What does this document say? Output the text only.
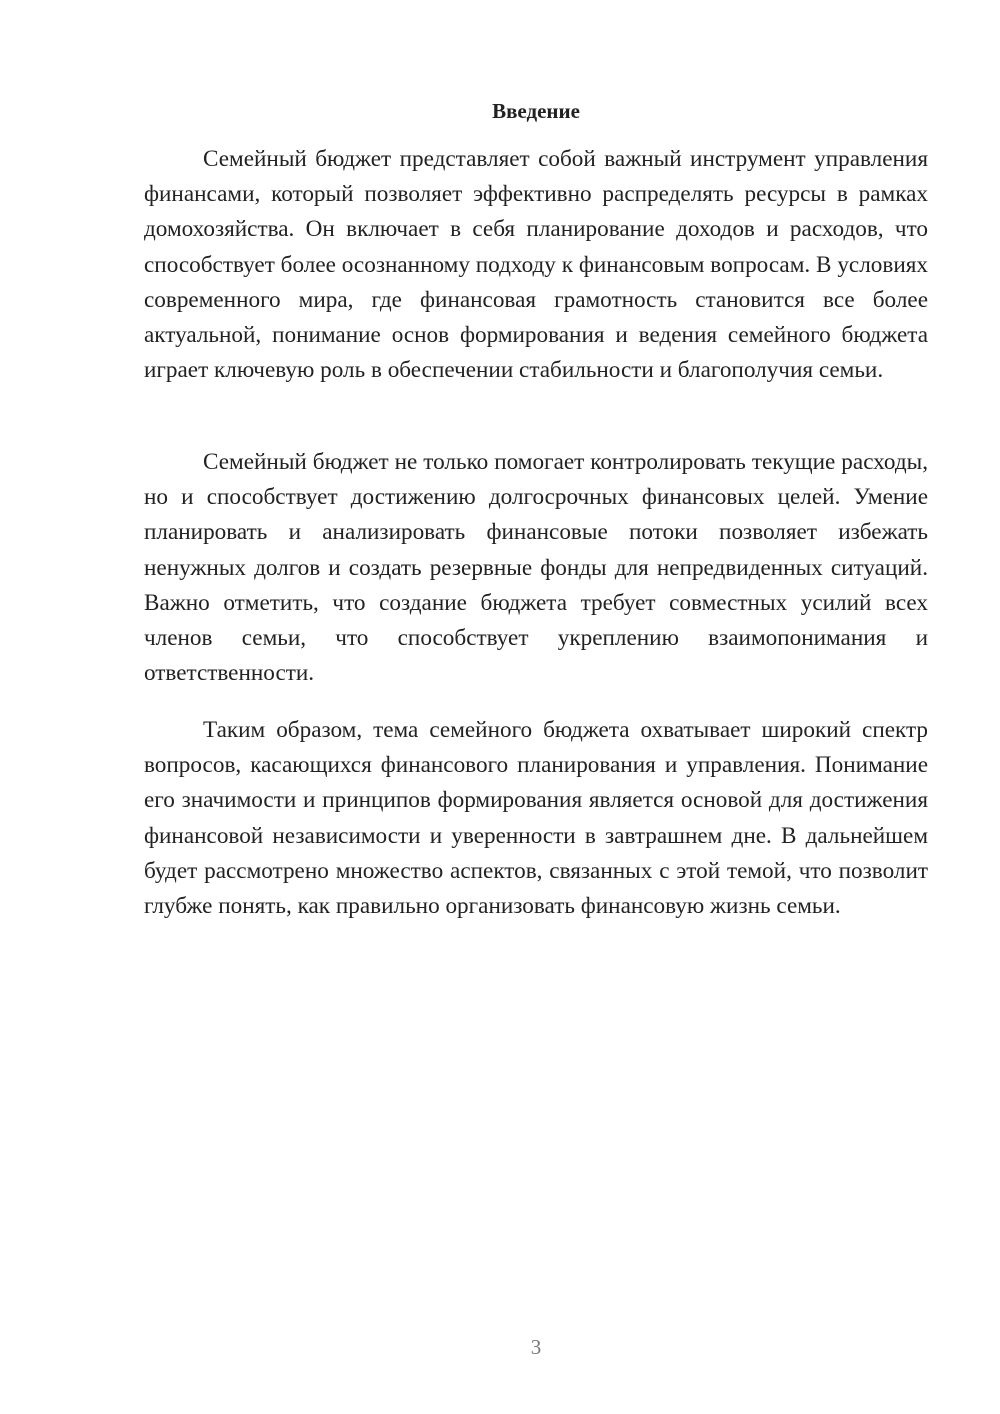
Введение

Семейный бюджет представляет собой важный инструмент управления финансами, который позволяет эффективно распределять ресурсы в рамках домохозяйства. Он включает в себя планирование доходов и расходов, что способствует более осознанному подходу к финансовым вопросам. В условиях современного мира, где финансовая грамотность становится все более актуальной, понимание основ формирования и ведения семейного бюджета играет ключевую роль в обеспечении стабильности и благополучия семьи.

Семейный бюджет не только помогает контролировать текущие расходы, но и способствует достижению долгосрочных финансовых целей. Умение планировать и анализировать финансовые потоки позволяет избежать ненужных долгов и создать резервные фонды для непредвиденных ситуаций. Важно отметить, что создание бюджета требует совместных усилий всех членов семьи, что способствует укреплению взаимопонимания и ответственности.

Таким образом, тема семейного бюджета охватывает широкий спектр вопросов, касающихся финансового планирования и управления. Понимание его значимости и принципов формирования является основой для достижения финансовой независимости и уверенности в завтрашнем дне. В дальнейшем будет рассмотрено множество аспектов, связанных с этой темой, что позволит глубже понять, как правильно организовать финансовую жизнь семьи.

3
